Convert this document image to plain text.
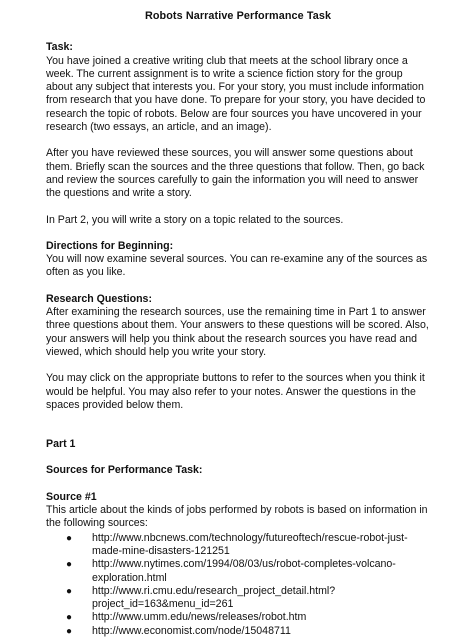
Robots Narrative Performance Task

Task:

You have joined a creative writing club that meets at the school library once a week. The current assignment is to write a science fiction story for the group about any subject that interests you. For your story, you must include information from research that you have done. To prepare for your story, you have decided to research the topic of robots. Below are four sources you have uncovered in your research (two essays, an article, and an image).

After you have reviewed these sources, you will answer some questions about them. Briefly scan the sources and the three questions that follow. Then, go back and review the sources carefully to gain the information you will need to answer the questions and write a story.

In Part 2, you will write a story on a topic related to the sources.

Directions for Beginning:

You will now examine several sources. You can re-examine any of the sources as often as you like.

Research Questions:

After examining the research sources, use the remaining time in Part 1 to answer three questions about them. Your answers to these questions will be scored. Also, your answers will help you think about the research sources you have read and viewed, which should help you write your story.

You may click on the appropriate buttons to refer to the sources when you think it would be helpful. You may also refer to your notes. Answer the questions in the spaces provided below them.

Part 1

Sources for Performance Task:

Source #1

This article about the kinds of jobs performed by robots is based on information in the following sources:

● http://www.nbcnews.com/technology/futureoftech/rescue-robot-just-made-mine-disasters-121251
● http://www.nytimes.com/1994/08/03/us/robot-completes-volcano-exploration.html
● http://www.ri.cmu.edu/research_project_detail.html?project_id=163&menu_id=261
● http://www.umm.edu/news/releases/robot.htm
● http://www.economist.com/node/15048711
